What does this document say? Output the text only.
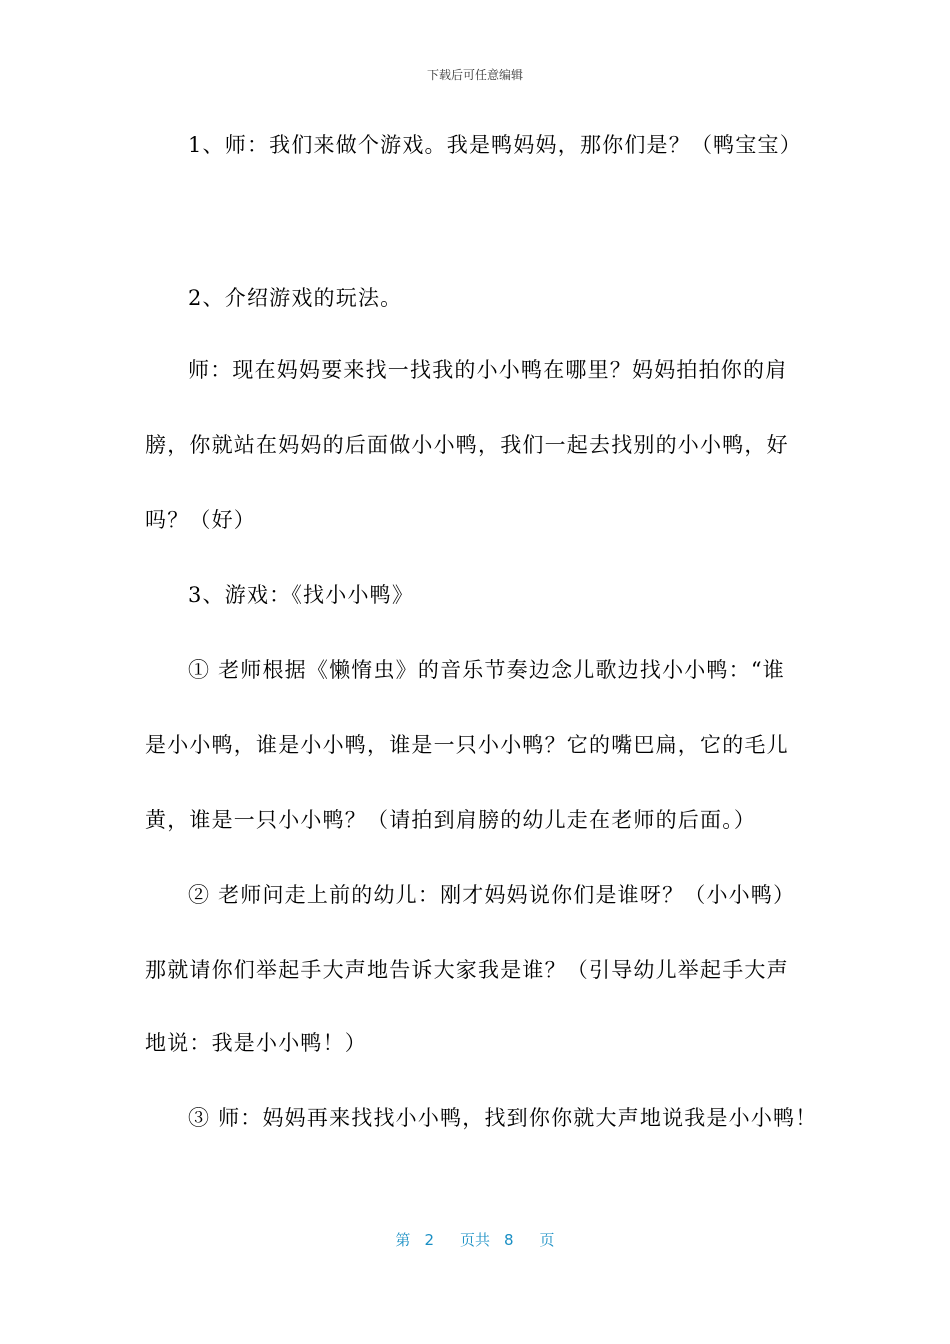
下载后可任意编辑
1、师：我们来做个游戏。我是鸭妈妈，那你们是？（鸭宝宝）
2、介绍游戏的玩法。
师：现在妈妈要来找一找我的小小鸭在哪里？妈妈拍拍你的肩
膀，你就站在妈妈的后面做小小鸭，我们一起去找别的小小鸭，好
吗？（好）
3、游戏：《找小小鸭》
① 老师根据《懒惰虫》的音乐节奏边念儿歌边找小小鸭：“谁
是小小鸭，谁是小小鸭，谁是一只小小鸭？它的嘴巴扁，它的毛儿
黄，谁是一只小小鸭？（请拍到肩膀的幼儿走在老师的后面。）
② 老师问走上前的幼儿：刚才妈妈说你们是谁呀？（小小鸭）
那就请你们举起手大声地告诉大家我是谁？（引导幼儿举起手大声
地说：我是小小鸭！）
③ 师：妈妈再来找找小小鸭，找到你你就大声地说我是小小鸭！
第 2 页共 8 页
